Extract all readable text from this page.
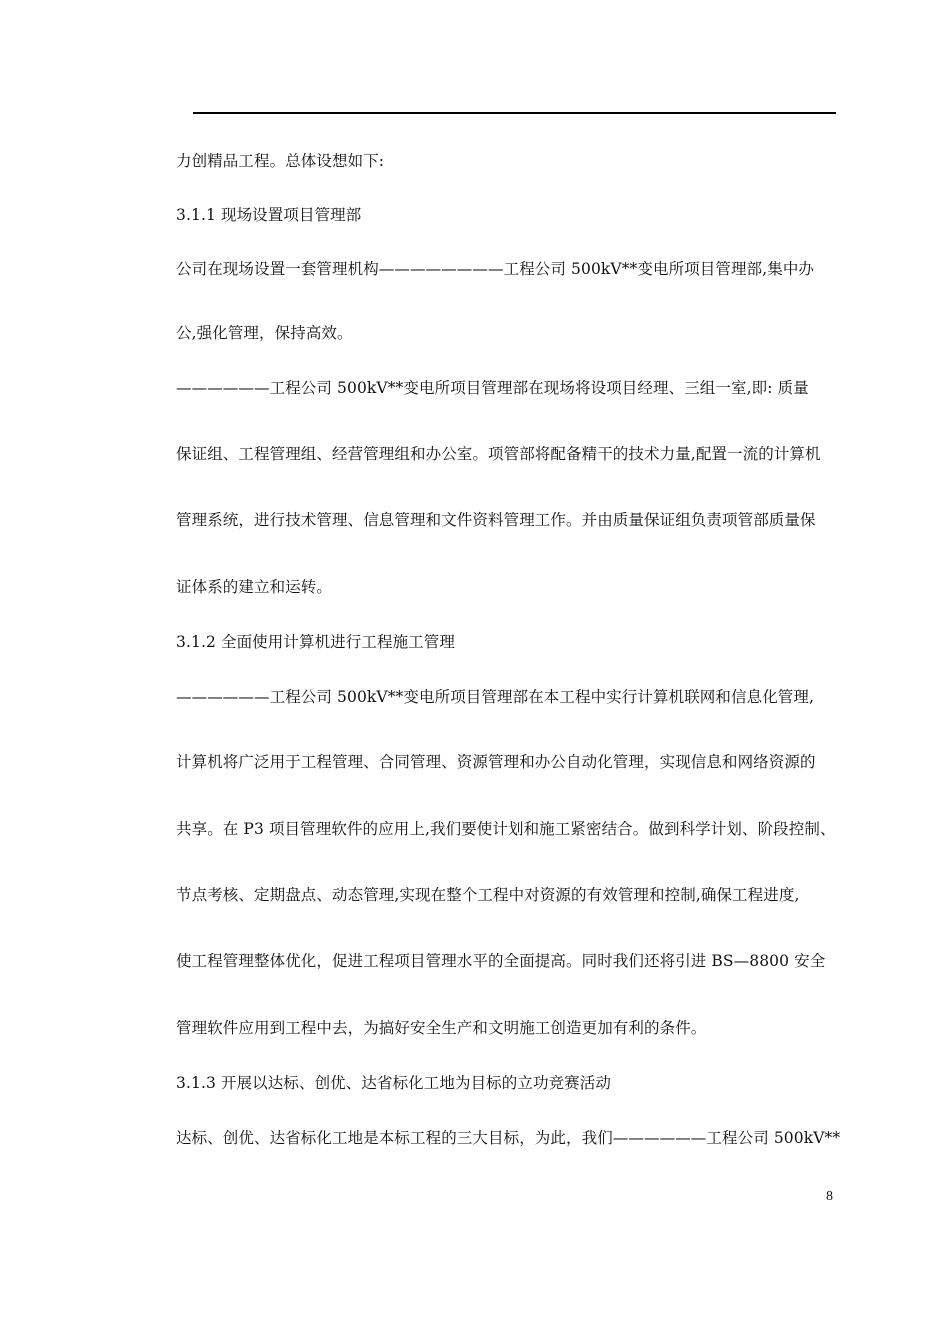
力创精品工程。总体设想如下:
3.1.1 现场设置项目管理部
公司在现场设置一套管理机构————————工程公司 500kV**变电所项目管理部,集中办
公,强化管理，保持高效。
——————工程公司 500kV**变电所项目管理部在现场将设项目经理、三组一室,即: 质量
保证组、工程管理组、经营管理组和办公室。项管部将配备精干的技术力量,配置一流的计算机
管理系统，进行技术管理、信息管理和文件资料管理工作。并由质量保证组负责项管部质量保
证体系的建立和运转。
3.1.2 全面使用计算机进行工程施工管理
——————工程公司 500kV**变电所项目管理部在本工程中实行计算机联网和信息化管理,
计算机将广泛用于工程管理、合同管理、资源管理和办公自动化管理，实现信息和网络资源的
共享。在 P3 项目管理软件的应用上,我们要使计划和施工紧密结合。做到科学计划、阶段控制、
节点考核、定期盘点、动态管理,实现在整个工程中对资源的有效管理和控制,确保工程进度,
使工程管理整体优化，促进工程项目管理水平的全面提高。同时我们还将引进 BS—8800 安全
管理软件应用到工程中去，为搞好安全生产和文明施工创造更加有利的条件。
3.1.3 开展以达标、创优、达省标化工地为目标的立功竞赛活动
达标、创优、达省标化工地是本标工程的三大目标，为此，我们——————工程公司 500kV**
8
